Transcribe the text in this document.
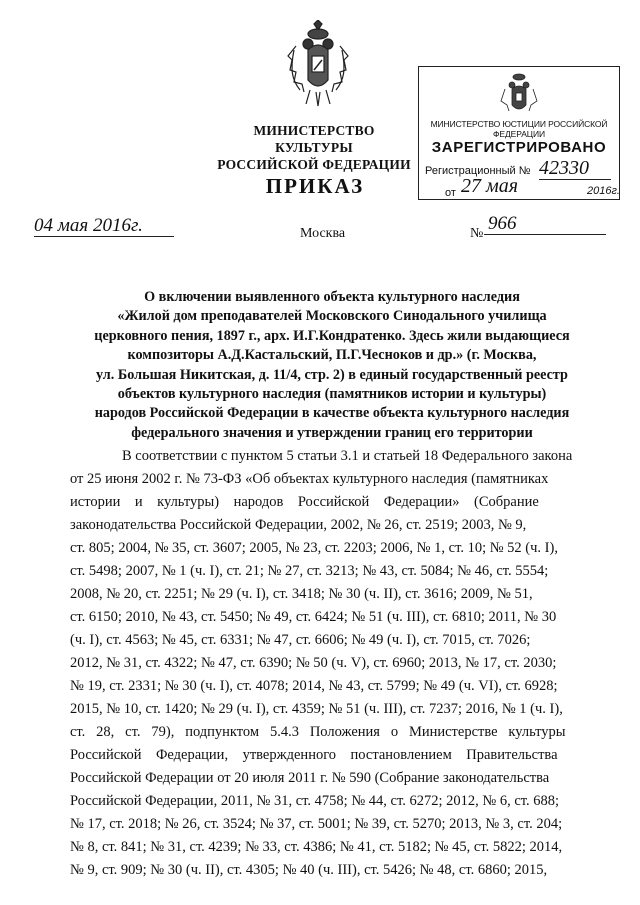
МИНИСТЕРСТВО КУЛЬТУРЫ
РОССИЙСКОЙ ФЕДЕРАЦИИ
ПРИКАЗ
МИНИСТЕРСТВО ЮСТИЦИИ РОССИЙСКОЙ ФЕДЕРАЦИИ
ЗАРЕГИСТРИРОВАНО
Регистрационный № 42330
от 27 мая	2016г.
04 мая 2016г.	Москва	№ 966
О включении выявленного объекта культурного наследия
«Жилой дом преподавателей Московского Синодального училища
церковного пения, 1897 г., арх. И.Г.Кондратенко. Здесь жили выдающиеся
композиторы А.Д.Кастальский, П.Г.Чесноков и др.» (г. Москва,
ул. Большая Никитская, д. 11/4, стр. 2) в единый государственный реестр
объектов культурного наследия (памятников истории и культуры)
народов Российской Федерации в качестве объекта культурного наследия
федерального значения и утверждении границ его территории
В соответствии с пунктом 5 статьи 3.1 и статьей 18 Федерального закона
от 25 июня 2002 г. № 73-ФЗ «Об объектах культурного наследия (памятниках
истории    и    культуры)    народов    Российской    Федерации»    (Собрание
законодательства Российской Федерации, 2002, № 26, ст. 2519; 2003, № 9,
ст. 805; 2004, № 35, ст. 3607; 2005, № 23, ст. 2203; 2006, № 1, ст. 10; № 52 (ч. I),
ст. 5498; 2007, № 1 (ч. I), ст. 21; № 27, ст. 3213; № 43, ст. 5084; № 46, ст. 5554;
2008, № 20, ст. 2251; № 29 (ч. I), ст. 3418; № 30 (ч. II), ст. 3616; 2009, № 51,
ст. 6150; 2010, № 43, ст. 5450; № 49, ст. 6424; № 51 (ч. III), ст. 6810; 2011, № 30
(ч. I), ст. 4563; № 45, ст. 6331; № 47, ст. 6606; № 49 (ч. I), ст. 7015, ст. 7026;
2012, № 31, ст. 4322; № 47, ст. 6390; № 50 (ч. V), ст. 6960; 2013, № 17, ст. 2030;
№ 19, ст. 2331; № 30 (ч. I), ст. 4078; 2014, № 43, ст. 5799; № 49 (ч. VI), ст. 6928;
2015, № 10, ст. 1420; № 29 (ч. I), ст. 4359; № 51 (ч. III), ст. 7237; 2016, № 1 (ч. I),
ст.   28,   ст.   79),   подпунктом   5.4.3   Положения   о   Министерстве   культуры
Российской    Федерации,    утвержденного    постановлением    Правительства
Российской Федерации от 20 июля 2011 г. № 590 (Собрание законодательства
Российской Федерации, 2011, № 31, ст. 4758; № 44, ст. 6272; 2012, № 6, ст. 688;
№ 17, ст. 2018; № 26, ст. 3524; № 37, ст. 5001; № 39, ст. 5270; 2013, № 3, ст. 204;
№ 8, ст. 841; № 31, ст. 4239; № 33, ст. 4386; № 41, ст. 5182; № 45, ст. 5822; 2014,
№ 9, ст. 909; № 30 (ч. II), ст. 4305; № 40 (ч. III), ст. 5426; № 48, ст. 6860; 2015,
